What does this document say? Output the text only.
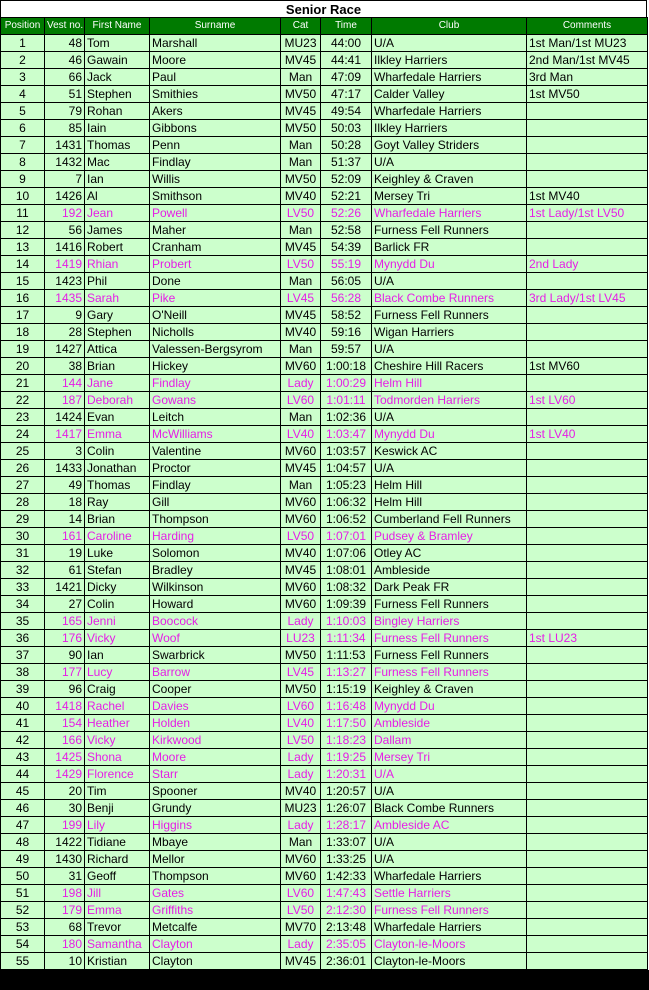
Senior Race
Position	Vest no.	First Name	Surname	Cat	Time	Club	Comments
1	48	Tom	Marshall	MU23	44:00	U/A	1st Man/1st MU23
2	46	Gawain	Moore	MV45	44:41	Ilkley Harriers	2nd Man/1st MV45
3	66	Jack	Paul	Man	47:09	Wharfedale Harriers	3rd Man
4	51	Stephen	Smithies	MV50	47:17	Calder Valley	1st MV50
5	79	Rohan	Akers	MV45	49:54	Wharfedale Harriers	
6	85	Iain	Gibbons	MV50	50:03	Ilkley Harriers	
7	1431	Thomas	Penn	Man	50:28	Goyt Valley Striders	
8	1432	Mac	Findlay	Man	51:37	U/A	
9	7	Ian	Willis	MV50	52:09	Keighley & Craven	
10	1426	Al	Smithson	MV40	52:21	Mersey Tri	1st MV40
11	192	Jean	Powell	LV50	52:26	Wharfedale Harriers	1st Lady/1st LV50
12	56	James	Maher	Man	52:58	Furness Fell Runners	
13	1416	Robert	Cranham	MV45	54:39	Barlick FR	
14	1419	Rhian	Probert	LV50	55:19	Mynydd Du	2nd Lady
15	1423	Phil	Done	Man	56:05	U/A	
16	1435	Sarah	Pike	LV45	56:28	Black Combe Runners	3rd Lady/1st LV45
17	9	Gary	O'Neill	MV45	58:52	Furness Fell Runners	
18	28	Stephen	Nicholls	MV40	59:16	Wigan Harriers	
19	1427	Attica	Valessen-Bergsyrom	Man	59:57	U/A	
20	38	Brian	Hickey	MV60	1:00:18	Cheshire Hill Racers	1st MV60
21	144	Jane	Findlay	Lady	1:00:29	Helm Hill	
22	187	Deborah	Gowans	LV60	1:01:11	Todmorden Harriers	1st LV60
23	1424	Evan	Leitch	Man	1:02:36	U/A	
24	1417	Emma	McWilliams	LV40	1:03:47	Mynydd Du	1st LV40
25	3	Colin	Valentine	MV60	1:03:57	Keswick AC	
26	1433	Jonathan	Proctor	MV45	1:04:57	U/A	
27	49	Thomas	Findlay	Man	1:05:23	Helm Hill	
28	18	Ray	Gill	MV60	1:06:32	Helm Hill	
29	14	Brian	Thompson	MV60	1:06:52	Cumberland Fell Runners	
30	161	Caroline	Harding	LV50	1:07:01	Pudsey & Bramley	
31	19	Luke	Solomon	MV40	1:07:06	Otley AC	
32	61	Stefan	Bradley	MV45	1:08:01	Ambleside	
33	1421	Dicky	Wilkinson	MV60	1:08:32	Dark Peak FR	
34	27	Colin	Howard	MV60	1:09:39	Furness Fell Runners	
35	165	Jenni	Boocock	Lady	1:10:03	Bingley Harriers	
36	176	Vicky	Woof	LU23	1:11:34	Furness Fell Runners	1st LU23
37	90	Ian	Swarbrick	MV50	1:11:53	Furness Fell Runners	
38	177	Lucy	Barrow	LV45	1:13:27	Furness Fell Runners	
39	96	Craig	Cooper	MV50	1:15:19	Keighley & Craven	
40	1418	Rachel	Davies	LV60	1:16:48	Mynydd Du	
41	154	Heather	Holden	LV40	1:17:50	Ambleside	
42	166	Vicky	Kirkwood	LV50	1:18:23	Dallam	
43	1425	Shona	Moore	Lady	1:19:25	Mersey Tri	
44	1429	Florence	Starr	Lady	1:20:31	U/A	
45	20	Tim	Spooner	MV40	1:20:57	U/A	
46	30	Benji	Grundy	MU23	1:26:07	Black Combe Runners	
47	199	Lily	Higgins	Lady	1:28:17	Ambleside AC	
48	1422	Tidiane	Mbaye	Man	1:33:07	U/A	
49	1430	Richard	Mellor	MV60	1:33:25	U/A	
50	31	Geoff	Thompson	MV60	1:42:33	Wharfedale Harriers	
51	198	Jill	Gates	LV60	1:47:43	Settle Harriers	
52	179	Emma	Griffiths	LV50	2:12:30	Furness Fell Runners	
53	68	Trevor	Metcalfe	MV70	2:13:48	Wharfedale Harriers	
54	180	Samantha	Clayton	Lady	2:35:05	Clayton-le-Moors	
55	10	Kristian	Clayton	MV45	2:36:01	Clayton-le-Moors	
